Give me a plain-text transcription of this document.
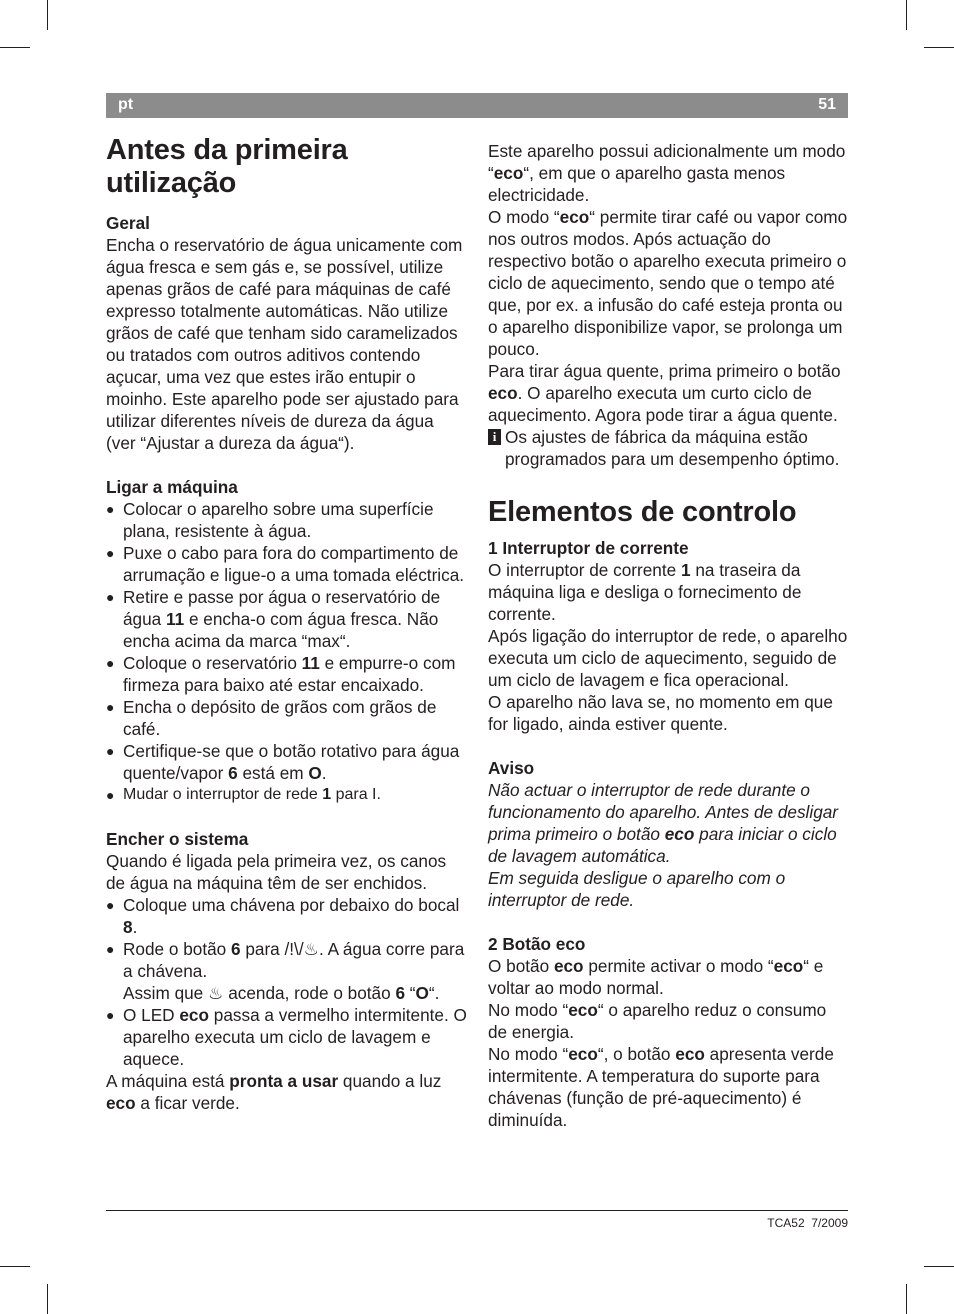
pt	51
Antes da primeira utilização
Geral

Encha o reservatório de água unicamente com água fresca e sem gás e, se possível, utilize apenas grãos de café para máquinas de café expresso totalmente automáticas. Não utilize grãos de café que tenham sido caramelizados ou tratados com outros aditivos contendo açucar, uma vez que estes irão entupir o moinho. Este aparelho pode ser ajustado para utilizar diferentes níveis de dureza da água (ver “Ajustar a dureza da água“).

Ligar a máquina
● Colocar o aparelho sobre uma superfície plana, resistente à água.
● Puxe o cabo para fora do compartimento de arrumação e ligue-o a uma tomada eléctrica.
● Retire e passe por água o reservatório de água 11 e encha-o com água fresca. Não encha acima da marca “max“.
● Coloque o reservatório 11 e empurre-o com firmeza para baixo até estar encaixado.
● Encha o depósito de grãos com grãos de café.
● Certifique-se que o botão rotativo para água quente/vapor 6 está em O.
● Mudar o interruptor de rede 1 para I.
Encher o sistema

Quando é ligada pela primeira vez, os canos de água na máquina têm de ser enchidos.

● Coloque uma chávena por debaixo do bocal 8.
● Rode o botão 6 para /!\/♨. A água corre para a chávena.
Assim que ♨ acenda, rode o botão 6 “O“.
● O LED eco passa a vermelho intermitente. O aparelho executa um ciclo de lavagem e aquece.

A máquina está pronta a usar quando a luz eco a ficar verde.

Este aparelho possui adicionalmente um modo “eco“, em que o aparelho gasta menos electricidade.

O modo “eco“ permite tirar café ou vapor como nos outros modos. Após actuação do respectivo botão o aparelho executa primeiro o ciclo de aquecimento, sendo que o tempo até que, por ex. a infusão do café esteja pronta ou o aparelho disponibilize vapor, se prolonga um pouco.

Para tirar água quente, prima primeiro o botão eco. O aparelho executa um curto ciclo de aquecimento. Agora pode tirar a água quente.

i Os ajustes de fábrica da máquina estão programados para um desempenho óptimo.
Elementos de controlo
1 Interruptor de corrente

O interruptor de corrente 1 na traseira da máquina liga e desliga o fornecimento de corrente.

Após ligação do interruptor de rede, o aparelho executa um ciclo de aquecimento, seguido de um ciclo de lavagem e fica operacional.

O aparelho não lava se, no momento em que for ligado, ainda estiver quente.

Aviso

Não actuar o interruptor de rede durante o funcionamento do aparelho. Antes de desligar prima primeiro o botão eco para iniciar o ciclo de lavagem automática.

Em seguida desligue o aparelho com o interruptor de rede.

2 Botão eco

O botão eco permite activar o modo “eco“ e voltar ao modo normal.

No modo “eco“ o aparelho reduz o consumo de energia.

No modo “eco“, o botão eco apresenta verde intermitente. A temperatura do suporte para chávenas (função de pré-aquecimento) é diminuída.

TCA52 7/2009
